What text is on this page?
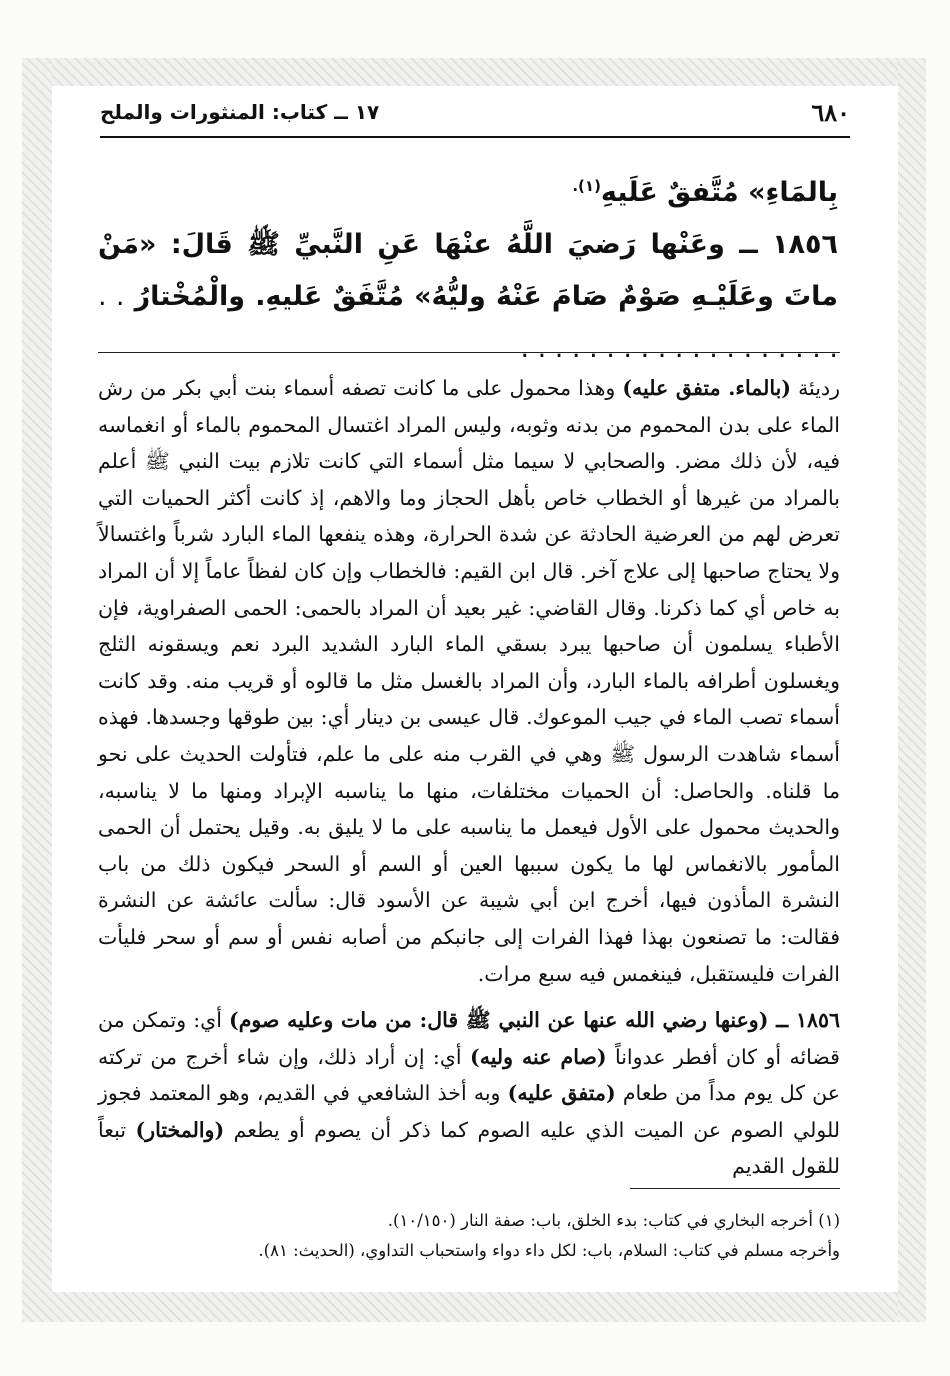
٦٨٠
١٧ ــ كتاب: المنثورات والملح

بِالمَاءِ» مُتَّفقٌ عَلَيهِ$^{(١).}$

١٨٥٦ ــ وعَنْها رَضيَ اللَّهُ عنْهَا عَنِ النَّبيِّ ﷺ قَالَ: «مَنْ ماتَ وعَلَيْـهِ صَوْمٌ صَامَ عَنْهُ وليُّهُ» مُتَّفَقٌ عَليهِ. والْمُخْتارُ . . . . . . . . . . . . . . . . . . . . .

رديئة (بالماء. متفق عليه) وهذا محمول على ما كانت تصفه أسماء بنت أبي بكر من رش الماء على بدن المحموم من بدنه وثوبه، وليس المراد اغتسال المحموم بالماء أو انغماسه فيه، لأن ذلك مضر. والصحابي لا سيما مثل أسماء التي كانت تلازم بيت النبي ﷺ أعلم بالمراد من غيرها أو الخطاب خاص بأهل الحجاز وما والاهم، إذ كانت أكثر الحميات التي تعرض لهم من العرضية الحادثة عن شدة الحرارة، وهذه ينفعها الماء البارد شرباً واغتسالاً ولا يحتاج صاحبها إلى علاج آخر. قال ابن القيم: فالخطاب وإن كان لفظاً عاماً إلا أن المراد به خاص أي كما ذكرنا. وقال القاضي: غير بعيد أن المراد بالحمى: الحمى الصفراوية، فإن الأطباء يسلمون أن صاحبها يبرد بسقي الماء البارد الشديد البرد نعم ويسقونه الثلج ويغسلون أطرافه بالماء البارد، وأن المراد بالغسل مثل ما قالوه أو قريب منه. وقد كانت أسماء تصب الماء في جيب الموعوك. قال عيسى بن دينار أي: بين طوقها وجسدها. فهذه أسماء شاهدت الرسول ﷺ وهي في القرب منه على ما علم، فتأولت الحديث على نحو ما قلناه. والحاصل: أن الحميات مختلفات، منها ما يناسبه الإبراد ومنها ما لا يناسبه، والحديث محمول على الأول فيعمل ما يناسبه على ما لا يليق به. وقيل يحتمل أن الحمى المأمور بالانغماس لها ما يكون سببها العين أو السم أو السحر فيكون ذلك من باب النشرة المأذون فيها، أخرج ابن أبي شيبة عن الأسود قال: سألت عائشة عن النشرة فقالت: ما تصنعون بهذا فهذا الفرات إلى جانبكم من أصابه نفس أو سم أو سحر فليأت الفرات فليستقبل، فينغمس فيه سبع مرات.

١٨٥٦ ــ (وعنها رضي الله عنها عن النبي ﷺ قال: من مات وعليه صوم) أي: وتمكن من قضائه أو كان أفطر عدواناً (صام عنه وليه) أي: إن أراد ذلك، وإن شاء أخرج من تركته عن كل يوم مداً من طعام (متفق عليه) وبه أخذ الشافعي في القديم، وهو المعتمد فجوز للولي الصوم عن الميت الذي عليه الصوم كما ذكر أن يصوم أو يطعم (والمختار) تبعاً للقول القديم

(١) أخرجه البخاري في كتاب: بدء الخلق، باب: صفة النار (١٠/١٥٠).

وأخرجه مسلم في كتاب: السلام، باب: لكل داء دواء واستحباب التداوي، (الحديث: ٨١).
